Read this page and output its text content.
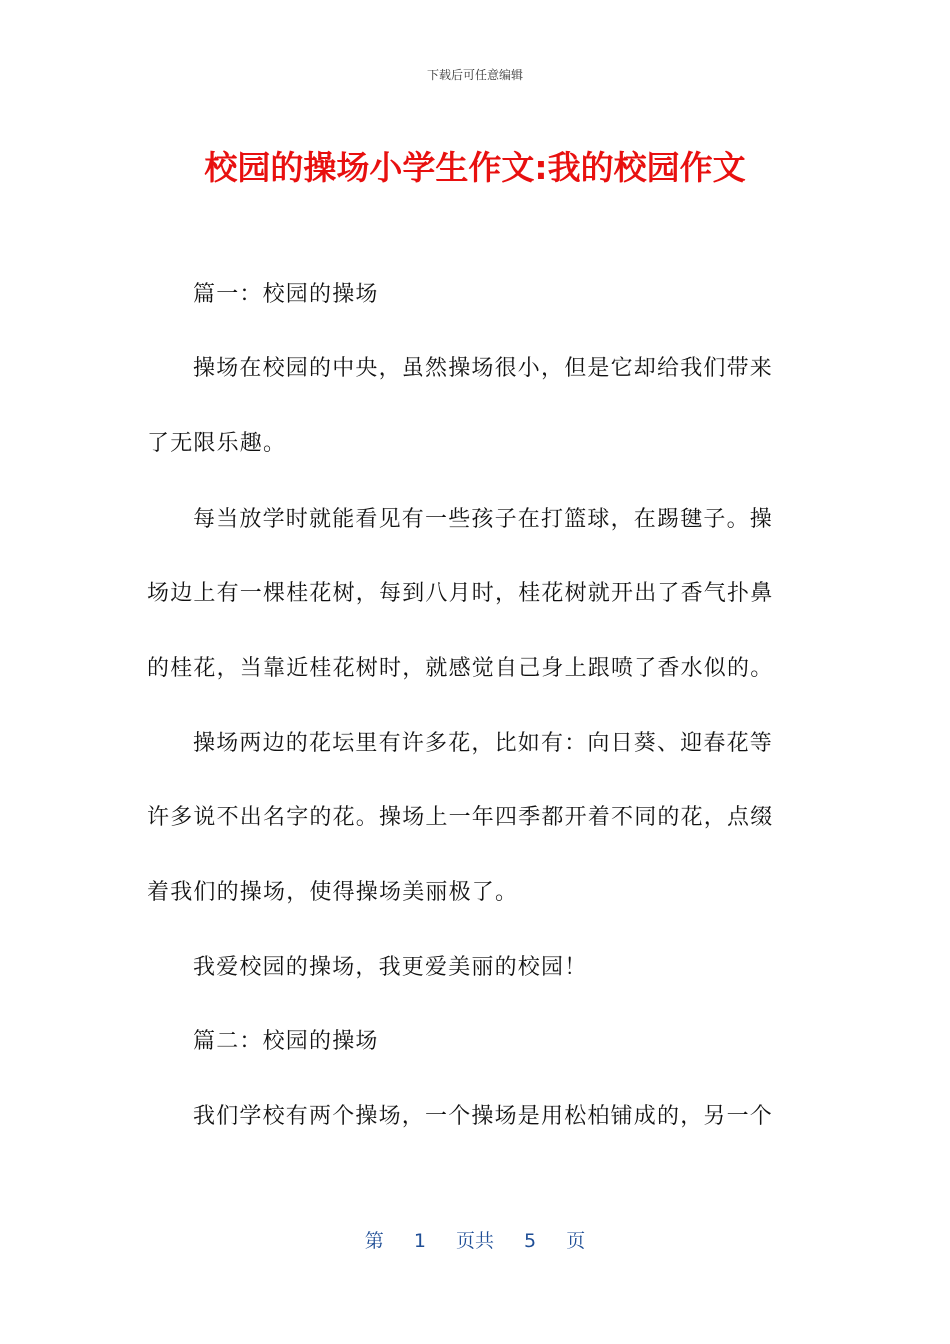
下载后可任意编辑
校园的操场小学生作文:我的校园作文
篇一：校园的操场
操场在校园的中央，虽然操场很小，但是它却给我们带来
了无限乐趣。
每当放学时就能看见有一些孩子在打篮球，在踢毽子。操
场边上有一棵桂花树，每到八月时，桂花树就开出了香气扑鼻
的桂花，当靠近桂花树时，就感觉自己身上跟喷了香水似的。
操场两边的花坛里有许多花，比如有：向日葵、迎春花等
许多说不出名字的花。操场上一年四季都开着不同的花，点缀
着我们的操场，使得操场美丽极了。
我爱校园的操场，我更爱美丽的校园！
篇二：校园的操场
我们学校有两个操场，一个操场是用松柏铺成的，另一个
第 1 页共 5 页
